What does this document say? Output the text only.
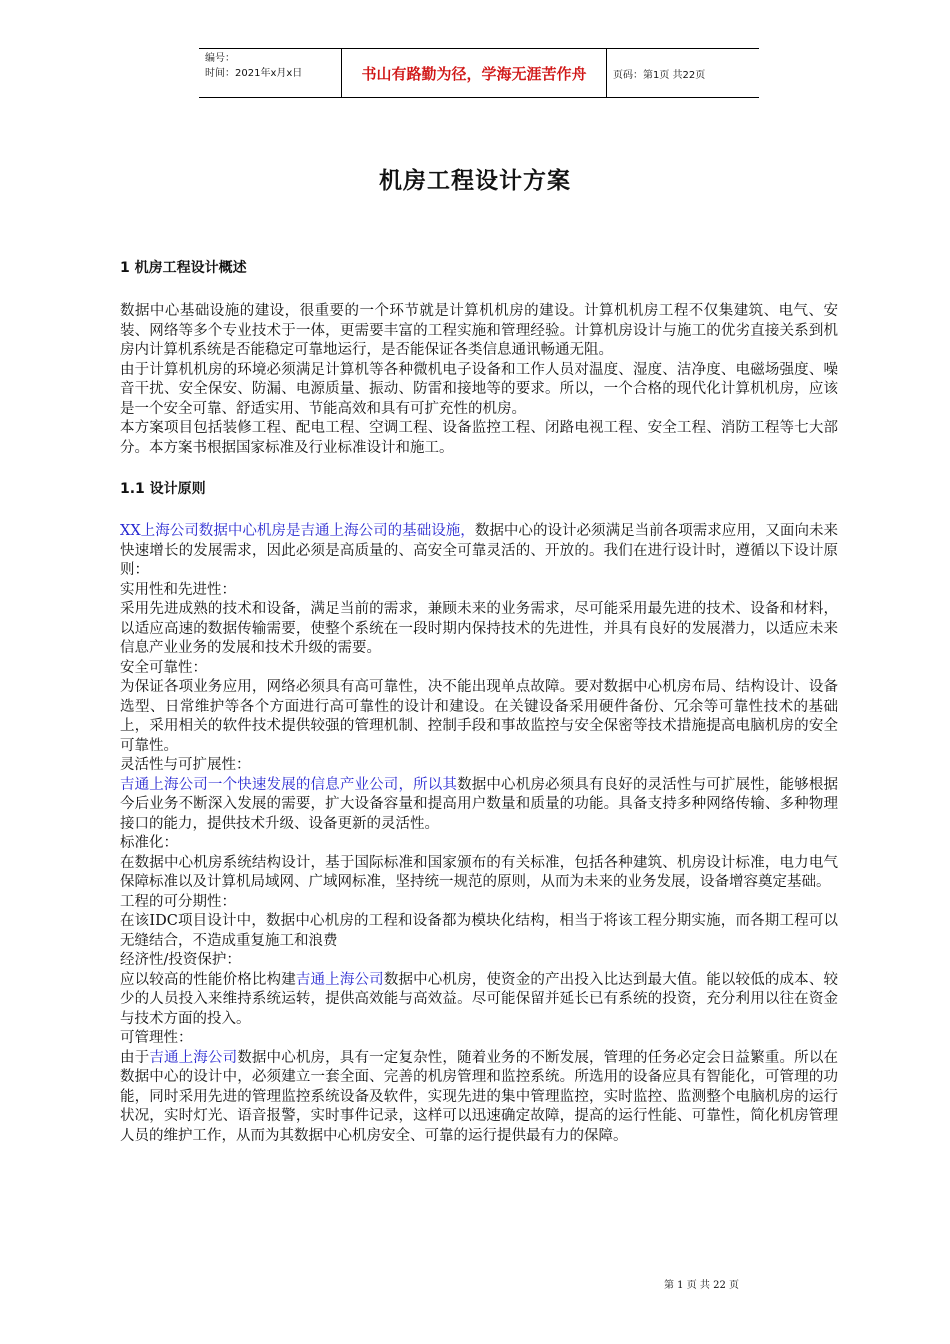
编号：
时间：2021年x月x日	书山有路勤为径，学海无涯苦作舟	页码：第1页 共22页
机房工程设计方案
1 机房工程设计概述
数据中心基础设施的建设，很重要的一个环节就是计算机机房的建设。计算机机房工程不仅集建筑、电气、安装、网络等多个专业技术于一体，更需要丰富的工程实施和管理经验。计算机房设计与施工的优劣直接关系到机房内计算机系统是否能稳定可靠地运行，是否能保证各类信息通讯畅通无阻。
由于计算机机房的环境必须满足计算机等各种微机电子设备和工作人员对温度、湿度、洁净度、电磁场强度、噪音干扰、安全保安、防漏、电源质量、振动、防雷和接地等的要求。所以，一个合格的现代化计算机机房，应该是一个安全可靠、舒适实用、节能高效和具有可扩充性的机房。
本方案项目包括装修工程、配电工程、空调工程、设备监控工程、闭路电视工程、安全工程、消防工程等七大部分。本方案书根据国家标准及行业标准设计和施工。
1.1 设计原则
XX上海公司数据中心机房是吉通上海公司的基础设施，数据中心的设计必须满足当前各项需求应用，又面向未来快速增长的发展需求，因此必须是高质量的、高安全可靠灵活的、开放的。我们在进行设计时，遵循以下设计原则：
实用性和先进性：
采用先进成熟的技术和设备，满足当前的需求，兼顾未来的业务需求，尽可能采用最先进的技术、设备和材料，以适应高速的数据传输需要，使整个系统在一段时期内保持技术的先进性，并具有良好的发展潜力，以适应未来信息产业业务的发展和技术升级的需要。
安全可靠性：
为保证各项业务应用，网络必须具有高可靠性，决不能出现单点故障。要对数据中心机房布局、结构设计、设备选型、日常维护等各个方面进行高可靠性的设计和建设。在关键设备采用硬件备份、冗余等可靠性技术的基础上，采用相关的软件技术提供较强的管理机制、控制手段和事故监控与安全保密等技术措施提高电脑机房的安全可靠性。
灵活性与可扩展性：
吉通上海公司一个快速发展的信息产业公司，所以其数据中心机房必须具有良好的灵活性与可扩展性，能够根据今后业务不断深入发展的需要，扩大设备容量和提高用户数量和质量的功能。具备支持多种网络传输、多种物理接口的能力，提供技术升级、设备更新的灵活性。
标准化：
在数据中心机房系统结构设计，基于国际标准和国家颁布的有关标准，包括各种建筑、机房设计标准，电力电气保障标准以及计算机局域网、广域网标准，坚持统一规范的原则，从而为未来的业务发展，设备增容奠定基础。
工程的可分期性：
在该IDC项目设计中，数据中心机房的工程和设备都为模块化结构，相当于将该工程分期实施，而各期工程可以无缝结合，不造成重复施工和浪费
经济性/投资保护：
应以较高的性能价格比构建吉通上海公司数据中心机房，使资金的产出投入比达到最大值。能以较低的成本、较少的人员投入来维持系统运转，提供高效能与高效益。尽可能保留并延长已有系统的投资，充分利用以往在资金与技术方面的投入。
可管理性：
由于吉通上海公司数据中心机房，具有一定复杂性，随着业务的不断发展，管理的任务必定会日益繁重。所以在数据中心的设计中，必须建立一套全面、完善的机房管理和监控系统。所选用的设备应具有智能化，可管理的功能，同时采用先进的管理监控系统设备及软件，实现先进的集中管理监控，实时监控、监测整个电脑机房的运行状况，实时灯光、语音报警，实时事件记录，这样可以迅速确定故障，提高的运行性能、可靠性，简化机房管理人员的维护工作，从而为其数据中心机房安全、可靠的运行提供最有力的保障。
第 1 页 共 22 页
